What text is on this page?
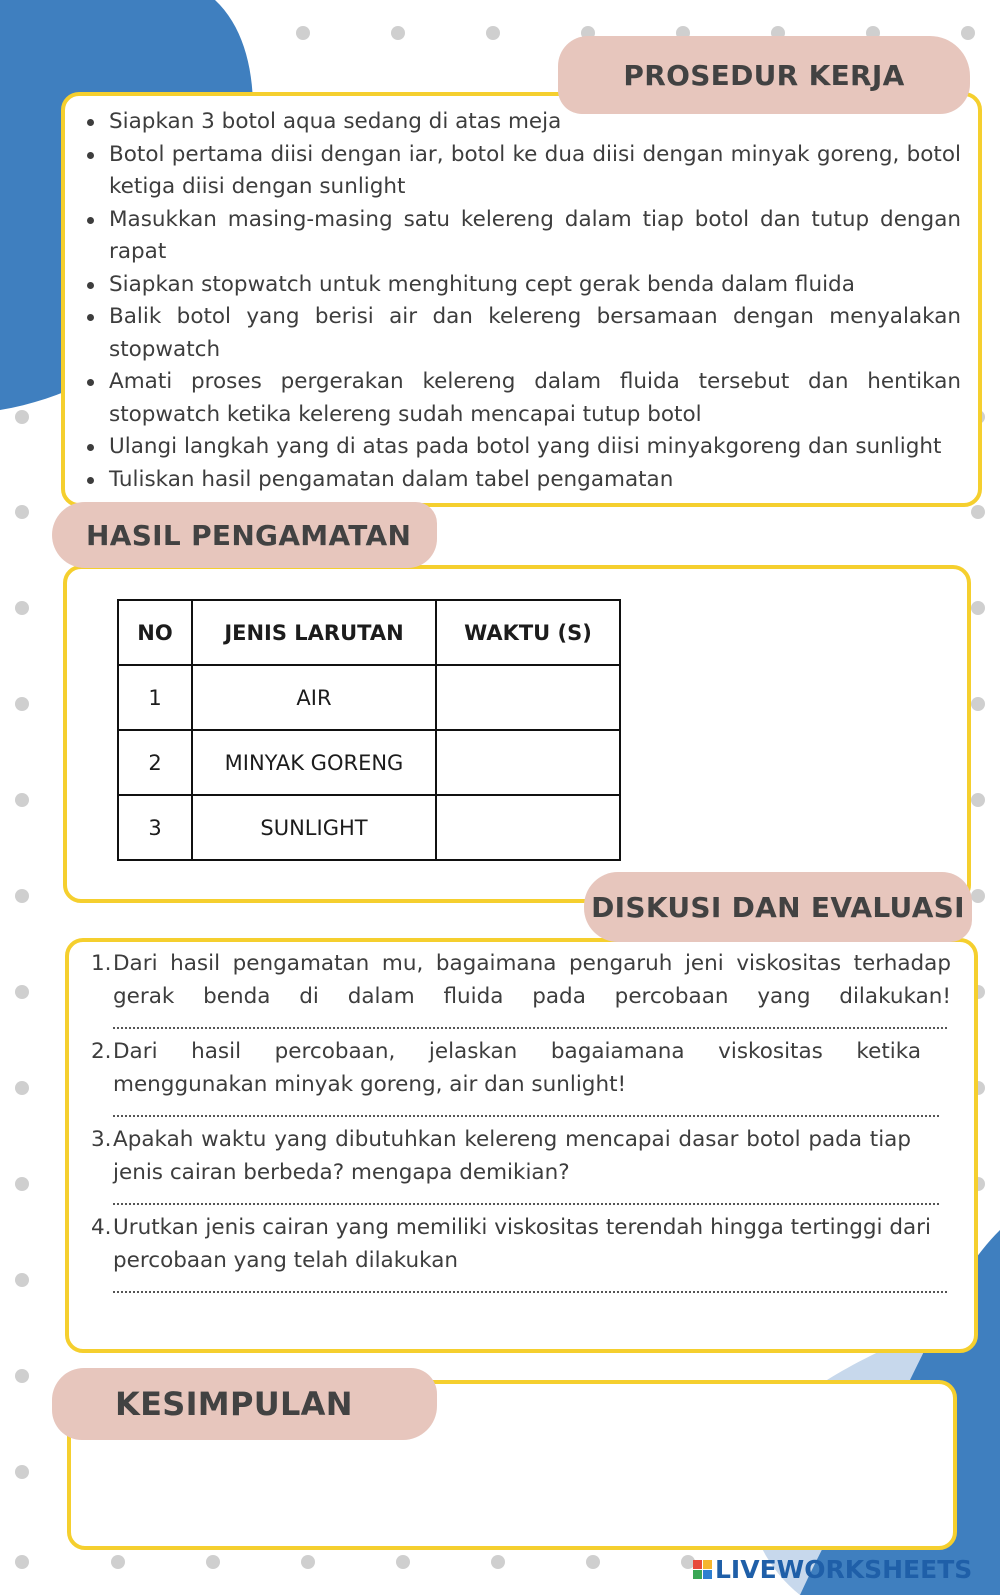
Siapkan 3 botol aqua sedang di atas meja
Botol pertama diisi dengan iar, botol ke dua diisi dengan minyak goreng, botol ketiga diisi dengan sunlight
Masukkan masing-masing satu kelereng dalam tiap botol dan tutup dengan rapat
Siapkan stopwatch untuk menghitung cept gerak benda dalam fluida
Balik botol yang berisi air dan kelereng bersamaan dengan menyalakan stopwatch
Amati proses pergerakan kelereng dalam fluida tersebut dan hentikan stopwatch ketika kelereng sudah mencapai tutup botol
Ulangi langkah yang di atas pada botol yang diisi minyakgoreng dan sunlight
Tuliskan hasil pengamatan dalam tabel pengamatan
PROSEDUR KERJA
NO	JENIS LARUTAN	WAKTU (S)
1	AIR	
2	MINYAK GORENG	
3	SUNLIGHT	
HASIL PENGAMATAN
1. Dari hasil pengamatan mu, bagaimana pengaruh jeni viskositas terhadap gerak benda di dalam fluida pada percobaan yang dilakukan!
2. Dari hasil percobaan, jelaskan bagaiamana viskositas ketika menggunakan minyak goreng, air dan sunlight!
3. Apakah waktu yang dibutuhkan kelereng mencapai dasar botol pada tiap jenis cairan berbeda? mengapa demikian?
4. Urutkan jenis cairan yang memiliki viskositas terendah hingga tertinggi dari percobaan yang telah dilakukan
DISKUSI DAN EVALUASI
KESIMPULAN
LIVEWORKSHEETS
